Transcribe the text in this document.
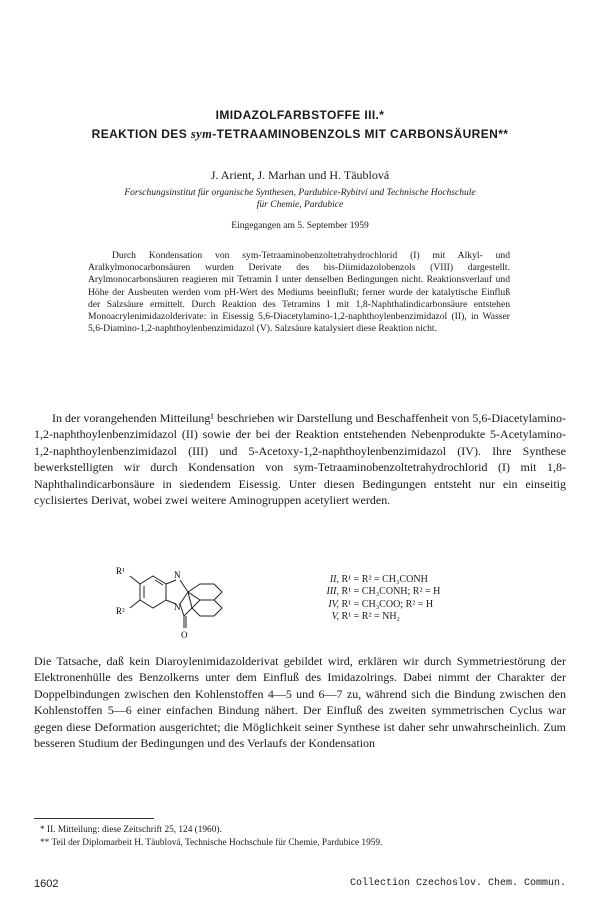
IMIDAZOLFARBSTOFFE III.*
REAKTION DES sym-TETRAAMINOBENZOLS MIT CARBONSÄUREN**
J. Arient, J. Marhan und H. Täublová
Forschungsinstitut für organische Synthesen, Pardubice-Rybitví und Technische Hochschule
für Chemie, Pardubice
Eingegangen am 5. September 1959

Durch Kondensation von sym-Tetraaminobenzoltetrahydrochlorid (I) mit Alkyl- und Aralkylmonocarbonsäuren wurden Derivate des bis-Diimidazolobenzols (VIII) dargestellt. Arylmonocarbonsäuren reagieren mit Tetramin I unter denselben Bedingungen nicht. Reaktionsverlauf und Höhe der Ausbeuten werden vom pH-Wert des Mediums beeinflußt; ferner wurde der katalytische Einfluß der Salzsäure ermittelt. Durch Reaktion des Tetramins I mit 1,8-Naphthalindicarbonsäure entstehen Monoacrylenimidazolderivate: in Eisessig 5,6-Diacetylamino-1,2-naphthoylenbenzimidazol (II), in Wasser 5,6-Diamino-1,2-naphthoylenbenzimidazol (V). Salzsäure katalysiert diese Reaktion nicht.

In der vorangehenden Mitteilung¹ beschrieben wir Darstellung und Beschaffenheit von 5,6-Diacetylamino-1,2-naphthoylenbenzimidazol (II) sowie der bei der Reaktion entstehenden Nebenprodukte 5-Acetylamino-1,2-naphthoylenbenzimidazol (III) und 5-Acetoxy-1,2-naphthoylenbenzimidazol (IV). Ihre Synthese bewerkstelligten wir durch Kondensation von sym-Tetraaminobenzoltetrahydrochlorid (I) mit 1,8-Naphthalindicarbonsäure in siedendem Eisessig. Unter diesen Bedingungen entsteht nur ein einseitig cyclisiertes Derivat, wobei zwei weitere Aminogruppen acetyliert werden.

R¹
R²
N
N
O
II, R¹ = R² = CH₃CONH
III, R¹ = CH₃CONH; R² = H
IV, R¹ = CH₃COO; R² = H
V, R¹ = R² = NH₂

Die Tatsache, daß kein Diaroylenimidazolderivat gebildet wird, erklären wir durch Symmetriestörung der Elektronenhülle des Benzolkerns unter dem Einfluß des Imidazolrings. Dabei nimmt der Charakter der Doppelbindungen zwischen den Kohlenstoffen 4—5 und 6—7 zu, während sich die Bindung zwischen den Kohlenstoffen 5—6 einer einfachen Bindung nähert. Der Einfluß des zweiten symmetrischen Cyclus war gegen diese Deformation ausgerichtet; die Möglichkeit seiner Synthese ist daher sehr unwahrscheinlich. Zum besseren Studium der Bedingungen und des Verlaufs der Kondensation

* II. Mitteilung: diese Zeitschrift 25, 124 (1960).
** Teil der Diplomarbeit H. Täublová, Technische Hochschule für Chemie, Pardubice 1959.
1602	Collection Czechoslov. Chem. Commun.
